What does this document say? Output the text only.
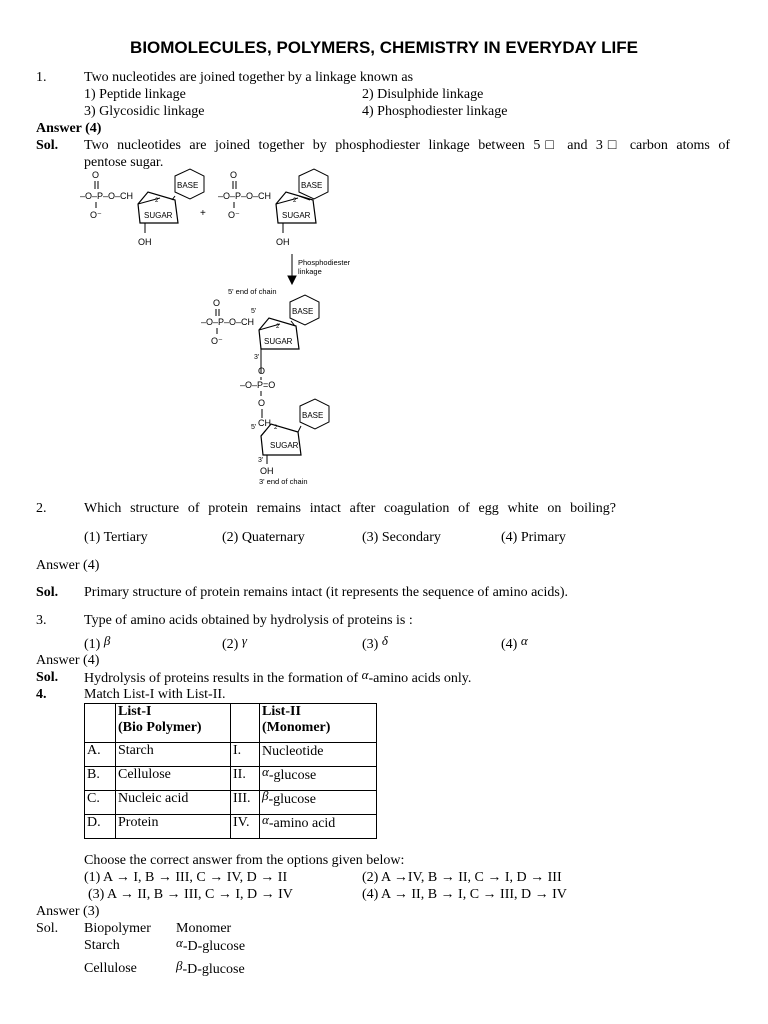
BIOMOLECULES, POLYMERS, CHEMISTRY IN EVERYDAY LIFE
1.	Two nucleotides are joined together by a linkage known as
1) Peptide linkage	2) Disulphide linkage
3) Glycosidic linkage	4) Phosphodiester linkage
Answer (4)
Sol. Two nucleotides are joined together by phosphodiester linkage between 5□ and 3□ carbon atoms of
pentose sugar.
O
–O–P–O–CH	2
O⁻
BASE
SUGAR
OH
+
O
–O–P–O–CH	2
O⁻
BASE
SUGAR
OH
Phosphodiester
linkage
5' end of chain
O
5'
–O–P–O–CH	2
O⁻
BASE
SUGAR
3'
O
–O–P=O
O
5' CH 2
BASE
SUGAR
3'
OH
3' end of chain
2.	Which structure of protein remains intact after coagulation of egg white on boiling?
(1) Tertiary	(2) Quaternary	(3) Secondary	(4) Primary
Answer (4)
Sol. Primary structure of protein remains intact (it represents the sequence of amino acids).
3.	Type of amino acids obtained by hydrolysis of proteins is :
(1) β	(2) γ	(3) δ	(4) α
Answer (4)
Sol. Hydrolysis of proteins results in the formation of α-amino acids only.
4.	Match List-I with List-II.
	List-I
(Bio Polymer)		List-II
(Monomer)
A.	Starch	I.	Nucleotide
B.	Cellulose	II.	α-glucose
C.	Nucleic acid	III.	β-glucose
D.	Protein	IV.	α-amino acid
Choose the correct answer from the options given below:
(1) A → I, B → III, C → IV, D → II	(2) A →IV, B → II, C → I, D → III
(3) A → II, B → III, C → I, D → IV	(4) A → II, B → I, C → III, D → IV
Answer (3)
Sol. Biopolymer Monomer
Starch	α-D-glucose
Cellulose	β-D-glucose
